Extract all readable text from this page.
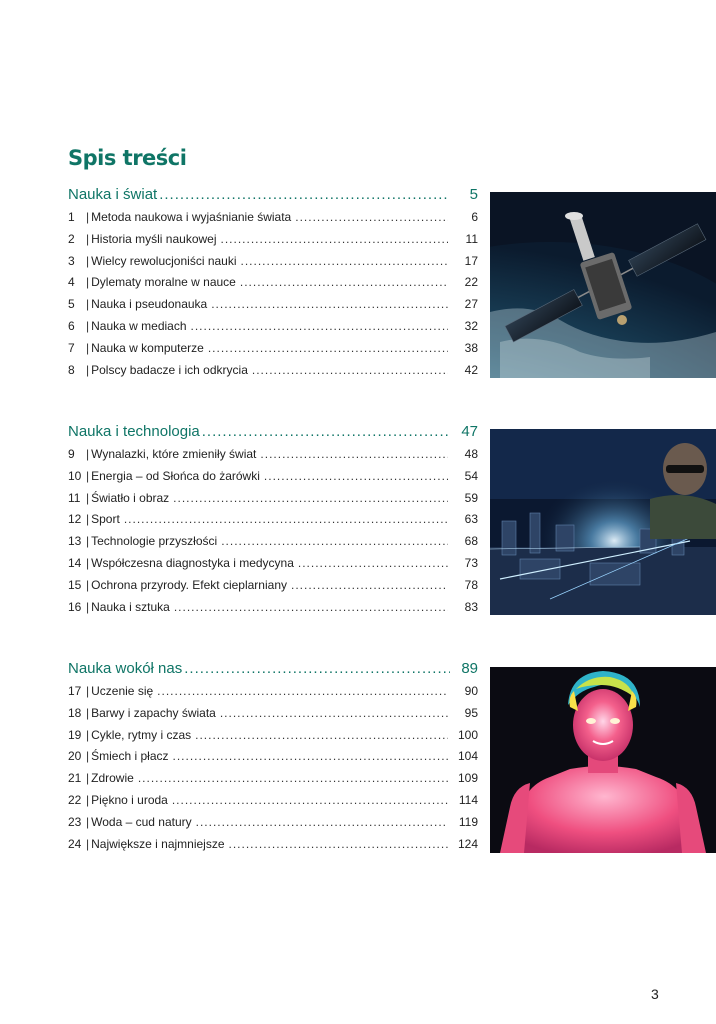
Spis treści
Nauka i świat .....	5
1 | Metoda naukowa i wyjaśnianie świata .....	6
2 | Historia myśli naukowej .....	11
3 | Wielcy rewolucjoniści nauki .....	17
4 | Dylematy moralne w nauce .....	22
5 | Nauka i pseudonauka .....	27
6 | Nauka w mediach .....	32
7 | Nauka w komputerze .....	38
8 | Polscy badacze i ich odkrycia .....	42
Nauka i technologia .....	47
9 | Wynalazki, które zmieniły świat .....	48
10 | Energia – od Słońca do żarówki .....	54
11 | Światło i obraz .....	59
12 | Sport .....	63
13 | Technologie przyszłości .....	68
14 | Współczesna diagnostyka i medycyna .....	73
15 | Ochrona przyrody. Efekt cieplarniany .....	78
16 | Nauka i sztuka .....	83
Nauka wokół nas .....	89
17 | Uczenie się .....	90
18 | Barwy i zapachy świata .....	95
19 | Cykle, rytmy i czas .....	100
20 | Śmiech i płacz .....	104
21 | Zdrowie .....	109
22 | Piękno i uroda .....	114
23 | Woda – cud natury .....	119
24 | Największe i najmniejsze .....	124
3
